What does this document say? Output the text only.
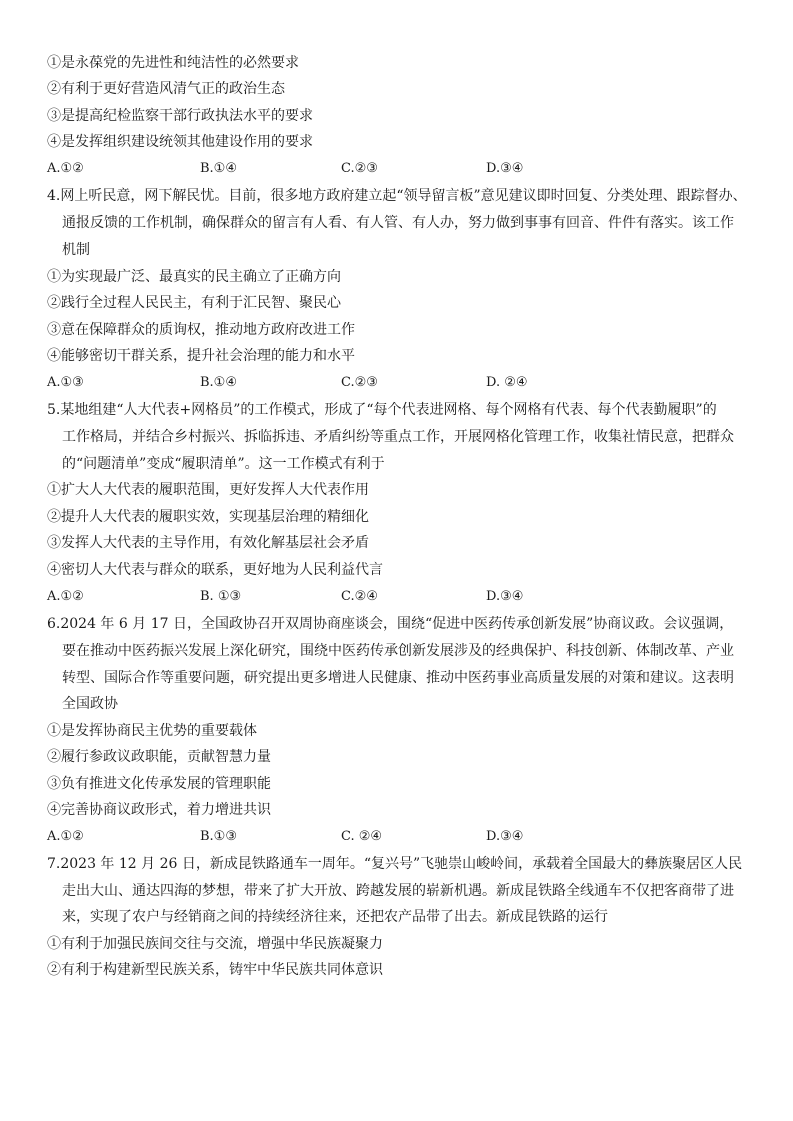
①是永葆党的先进性和纯洁性的必然要求
②有利于更好营造风清气正的政治生态
③是提高纪检监察干部行政执法水平的要求
④是发挥组织建设统领其他建设作用的要求
A.①②	B.①④	C.②③	D.③④
4.网上听民意，网下解民忧。目前，很多地方政府建立起“领导留言板”意见建议即时回复、分类处理、跟踪督办、
通报反馈的工作机制，确保群众的留言有人看、有人管、有人办，努力做到事事有回音、件件有落实。该工作
机制
①为实现最广泛、最真实的民主确立了正确方向
②践行全过程人民民主，有利于汇民智、聚民心
③意在保障群众的质询权，推动地方政府改进工作
④能够密切干群关系，提升社会治理的能力和水平
A.①③	B.①④	C.②③	D. ②④
5.某地组建“人大代表+网格员”的工作模式，形成了“每个代表进网格、每个网格有代表、每个代表勤履职”的
工作格局，并结合乡村振兴、拆临拆违、矛盾纠纷等重点工作，开展网格化管理工作，收集社情民意，把群众
的“问题清单”变成“履职清单”。这一工作模式有利于
①扩大人大代表的履职范围，更好发挥人大代表作用
②提升人大代表的履职实效，实现基层治理的精细化
③发挥人大代表的主导作用，有效化解基层社会矛盾
④密切人大代表与群众的联系，更好地为人民利益代言
A.①②	B. ①③	C.②④	D.③④
6.2024 年 6 月 17 日，全国政协召开双周协商座谈会，围绕“促进中医药传承创新发展”协商议政。会议强调，
要在推动中医药振兴发展上深化研究，围绕中医药传承创新发展涉及的经典保护、科技创新、体制改革、产业
转型、国际合作等重要问题，研究提出更多增进人民健康、推动中医药事业高质量发展的对策和建议。这表明
全国政协
①是发挥协商民主优势的重要载体
②履行参政议政职能，贡献智慧力量
③负有推进文化传承发展的管理职能
④完善协商议政形式，着力增进共识
A.①②	B.①③	C. ②④	D.③④
7.2023 年 12 月 26 日，新成昆铁路通车一周年。“复兴号”飞驰崇山峻岭间，承载着全国最大的彝族聚居区人民
走出大山、通达四海的梦想，带来了扩大开放、跨越发展的崭新机遇。新成昆铁路全线通车不仅把客商带了进
来，实现了农户与经销商之间的持续经济往来，还把农产品带了出去。新成昆铁路的运行
①有利于加强民族间交往与交流，增强中华民族凝聚力
②有利于构建新型民族关系，铸牢中华民族共同体意识
